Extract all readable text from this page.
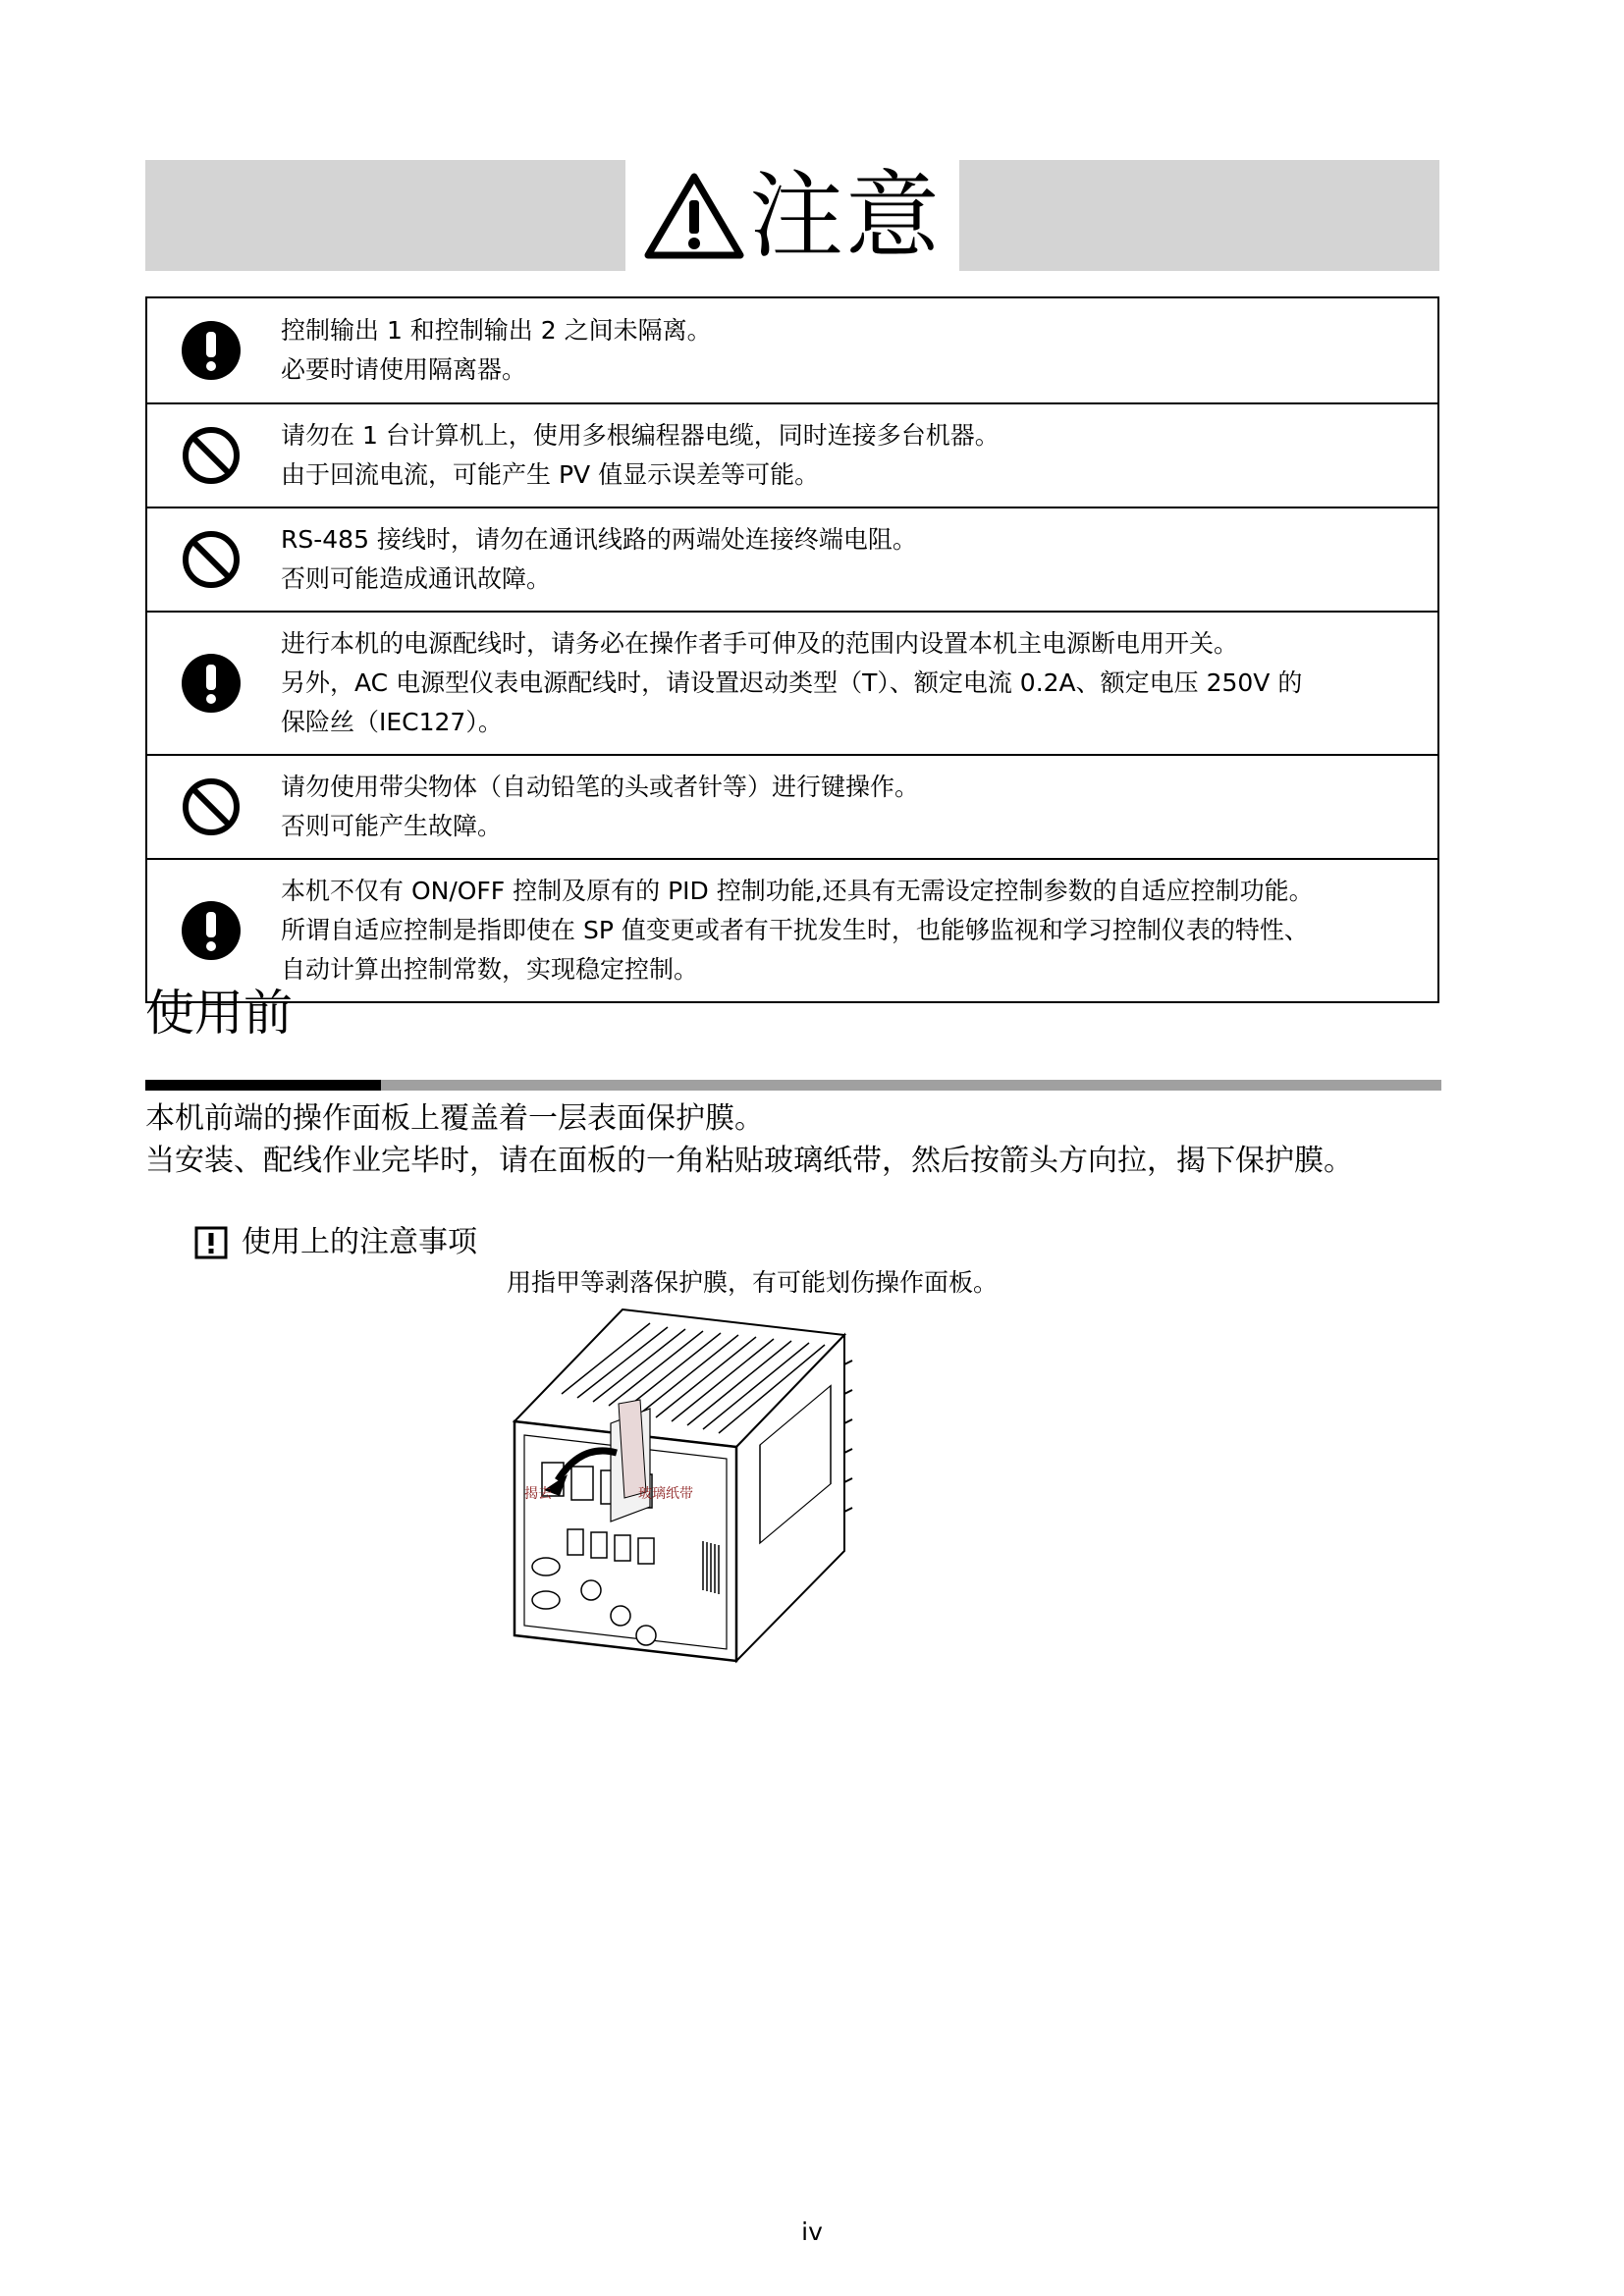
注意

控制输出 1 和控制输出 2 之间未隔离。
必要时请使用隔离器。

请勿在 1 台计算机上，使用多根编程器电缆，同时连接多台机器。
由于回流电流，可能产生 PV 值显示误差等可能。

RS-485 接线时，请勿在通讯线路的两端处连接终端电阻。
否则可能造成通讯故障。

进行本机的电源配线时，请务必在操作者手可伸及的范围内设置本机主电源断电用开关。
另外，AC 电源型仪表电源配线时，请设置迟动类型（T）、额定电流 0.2A、额定电压 250V 的
保险丝（IEC127）。

请勿使用带尖物体（自动铅笔的头或者针等）进行键操作。
否则可能产生故障。

本机不仅有 ON/OFF 控制及原有的 PID 控制功能,还具有无需设定控制参数的自适应控制功能。
所谓自适应控制是指即使在 SP 值变更或者有干扰发生时，也能够监视和学习控制仪表的特性、
自动计算出控制常数，实现稳定控制。
使用前
本机前端的操作面板上覆盖着一层表面保护膜。
当安装、配线作业完毕时，请在面板的一角粘贴玻璃纸带，然后按箭头方向拉，揭下保护膜。
使用上的注意事项
用指甲等剥落保护膜，有可能划伤操作面板。
揭去	玻璃纸带
iv
